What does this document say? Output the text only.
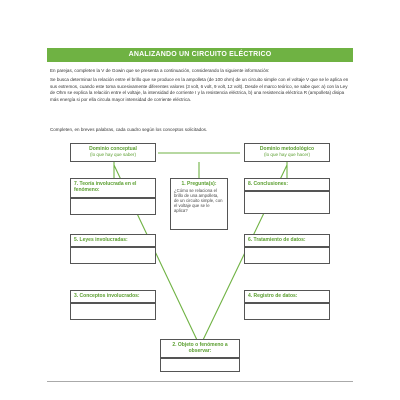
ANALIZANDO UN CIRCUITO ELÉCTRICO

En parejas, completen la V de Gowin que se presenta a continuación, considerando la siguiente información:

Se busca determinar la relación entre el brillo que se produce en la ampolleta (de 100 ohm) de un circuito simple con el voltaje V que se le aplica en sus extremos, cuando este toma sucesivamente diferentes valores (3 volt, 6 volt, 9 volt, 12 volt). Desde el marco teórico, se sabe que: a) con la Ley de Ohm se explica la relación entre el voltaje, la intensidad de corriente I y la resistencia eléctrica, b) una resistencia eléctrica R (ampolleta) disipa más energía si por ella circula mayor intensidad de corriente eléctrica.

Completen, en breves palabras, cada cuadro según los conceptos solicitados.

Dominio conceptual
(lo que hay que saber)
Dominio metodológico
(lo que hay que hacer)
7. Teoría involucrada en el fenómeno:
5. Leyes involucradas:
3. Conceptos involucrados:
8. Conclusiones:
6. Tratamiento de datos:
4. Registro de datos:
1. Pregunta(s):
¿Cómo se relaciona el brillo de una ampolleta, de un circuito simple, con el voltaje que se le aplica?
2. Objeto o fenómeno a observar:
